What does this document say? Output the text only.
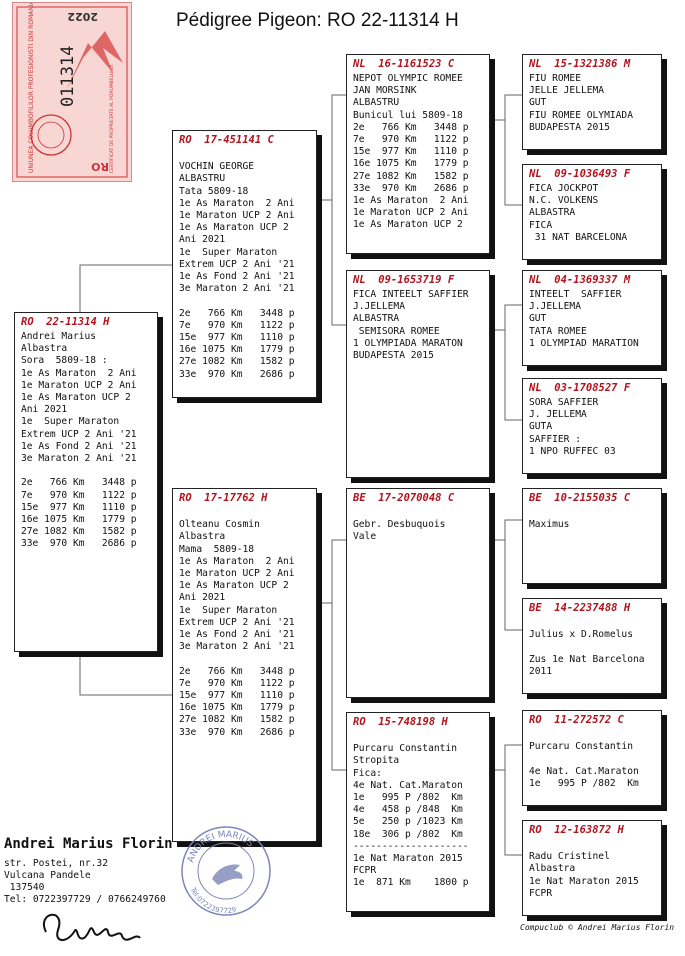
Pédigree Pigeon: RO 22-11314 H
RO
011314
2022
UNIUNEA COLUMBOFILILOR PROFESIONISTI DIN ROMANIA	CERTIFICAT DE PROPRIETATE AL PORUMBELULUI
RO  22-11314 H
Andrei Marius
Albastra
Sora  5809-18 :
1e As Maraton  2 Ani
1e Maraton UCP 2 Ani
1e As Maraton UCP 2
Ani 2021
1e  Super Maraton
Extrem UCP 2 Ani '21
1e As Fond 2 Ani '21
3e Maraton 2 Ani '21

2e   766 Km   3448 p
7e   970 Km   1122 p
15e  977 Km   1110 p
16e 1075 Km   1779 p
27e 1082 Km   1582 p
33e  970 Km   2686 p
RO  17-451141 C

VOCHIN GEORGE
ALBASTRU
Tata 5809-18
1e As Maraton  2 Ani
1e Maraton UCP 2 Ani
1e As Maraton UCP 2
Ani 2021
1e  Super Maraton
Extrem UCP 2 Ani '21
1e As Fond 2 Ani '21
3e Maraton 2 Ani '21

2e   766 Km   3448 p
7e   970 Km   1122 p
15e  977 Km   1110 p
16e 1075 Km   1779 p
27e 1082 Km   1582 p
33e  970 Km   2686 p
RO  17-17762 H

Olteanu Cosmin
Albastra
Mama  5809-18
1e As Maraton  2 Ani
1e Maraton UCP 2 Ani
1e As Maraton UCP 2
Ani 2021
1e  Super Maraton
Extrem UCP 2 Ani '21
1e As Fond 2 Ani '21
3e Maraton 2 Ani '21

2e   766 Km   3448 p
7e   970 Km   1122 p
15e  977 Km   1110 p
16e 1075 Km   1779 p
27e 1082 Km   1582 p
33e  970 Km   2686 p
NL  16-1161523 C
NEPOT OLYMPIC ROMEE
JAN MORSINK
ALBASTRU
Bunicul lui 5809-18
2e   766 Km   3448 p
7e   970 Km   1122 p
15e  977 Km   1110 p
16e 1075 Km   1779 p
27e 1082 Km   1582 p
33e  970 Km   2686 p
1e As Maraton  2 Ani
1e Maraton UCP 2 Ani
1e As Maraton UCP 2
NL  09-1653719 F
FICA INTEELT SAFFIER
J.JELLEMA
ALBASTRA
SEMISORA ROMEE
1 OLYMPIADA MARATON
BUDAPESTA 2015
BE  17-2070048 C

Gebr. Desbuquois
Vale
RO  15-748198 H

Purcaru Constantin
Stropita
Fica:
4e Nat. Cat.Maraton
1e   995 P /802  Km
4e   458 p /848  Km
5e   250 p /1023 Km
18e  306 p /802  Km
--------------------
1e Nat Maraton 2015
FCPR
1e  871 Km    1800 p
NL  15-1321386 M
FIU ROMEE
JELLE JELLEMA
GUT
FIU ROMEE OLYMIADA
BUDAPESTA 2015
NL  09-1036493 F
FICA JOCKPOT
N.C. VOLKENS
ALBASTRA
FICA
31 NAT BARCELONA
NL  04-1369337 M
INTEELT  SAFFIER
J.JELLEMA
GUT
TATA ROMEE
1 OLYMPIAD MARATION
NL  03-1708527 F
SORA SAFFIER
J. JELLEMA
GUTA
SAFFIER :
1 NPO RUFFEC 03
BE  10-2155035 C

Maximus
BE  14-2237488 H

Julius x D.Romelus

Zus 1e Nat Barcelona
2011
RO  11-272572 C

Purcaru Constantin

4e Nat. Cat.Maraton
1e   995 P /802  Km
RO  12-163872 H

Radu Cristinel
Albastra
1e Nat Maraton 2015
FCPR
Andrei Marius Florin
str. Postei, nr.32
Vulcana Pandele
137540
Tel: 0722397729 / 0766249760
ANDREI MARIUS
Tel:0722397729
Compuclub © Andrei Marius Florin
